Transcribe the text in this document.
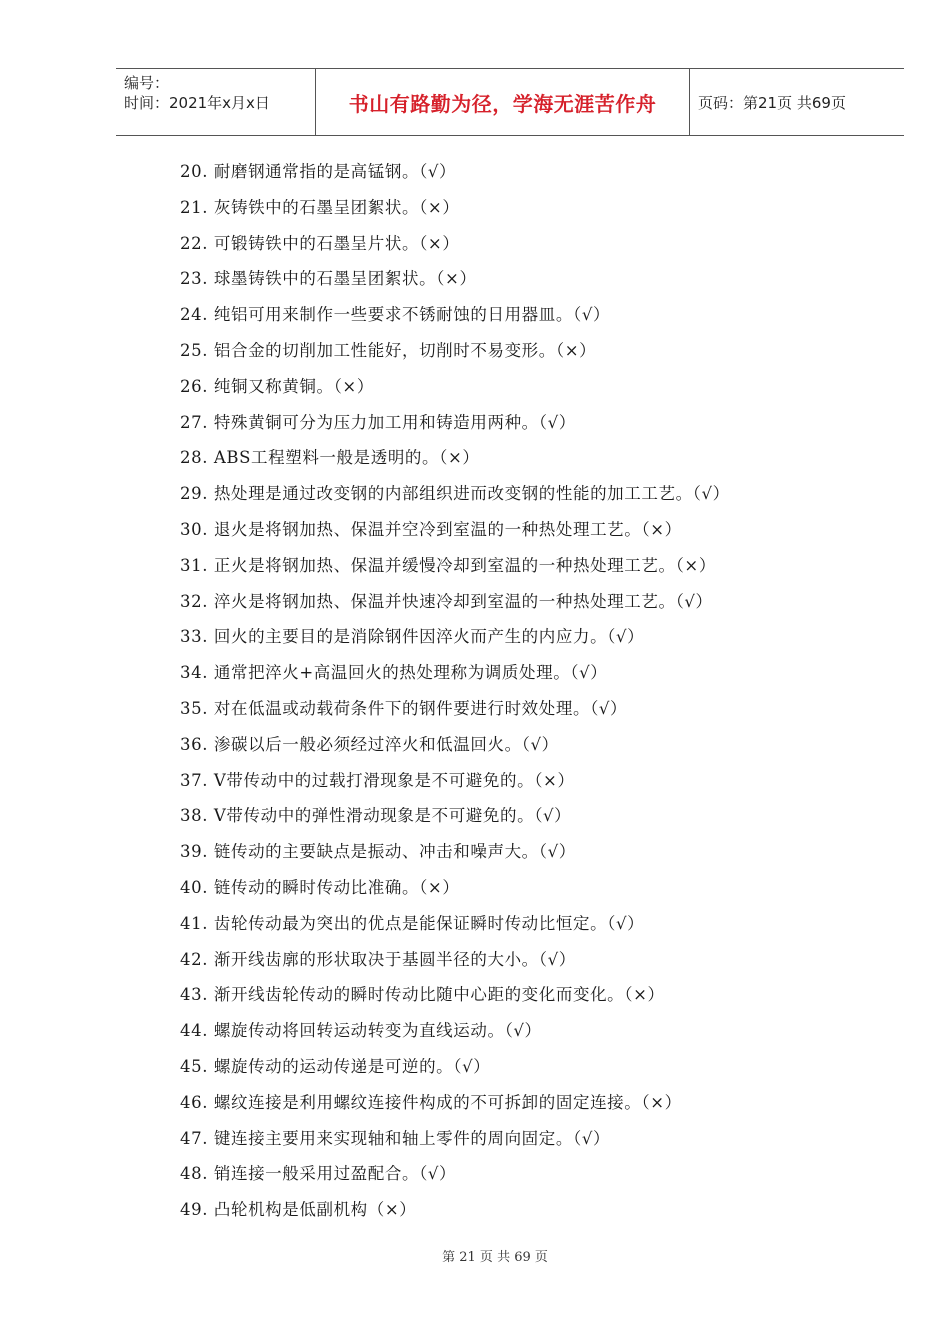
编号：
时间：2021年x月x日	书山有路勤为径，学海无涯苦作舟	页码：第21页 共69页
20. 耐磨钢通常指的是高锰钢。（√）
21. 灰铸铁中的石墨呈团絮状。（×）
22. 可锻铸铁中的石墨呈片状。（×）
23. 球墨铸铁中的石墨呈团絮状。（×）
24. 纯铝可用来制作一些要求不锈耐蚀的日用器皿。（√）
25. 铝合金的切削加工性能好，切削时不易变形。（×）
26. 纯铜又称黄铜。（×）
27. 特殊黄铜可分为压力加工用和铸造用两种。（√）
28. ABS工程塑料一般是透明的。（×）
29. 热处理是通过改变钢的内部组织进而改变钢的性能的加工工艺。（√）
30. 退火是将钢加热、保温并空冷到室温的一种热处理工艺。（×）
31. 正火是将钢加热、保温并缓慢冷却到室温的一种热处理工艺。（×）
32. 淬火是将钢加热、保温并快速冷却到室温的一种热处理工艺。（√）
33. 回火的主要目的是消除钢件因淬火而产生的内应力。（√）
34. 通常把淬火+高温回火的热处理称为调质处理。（√）
35. 对在低温或动载荷条件下的钢件要进行时效处理。（√）
36. 渗碳以后一般必须经过淬火和低温回火。（√）
37. V带传动中的过载打滑现象是不可避免的。（×）
38. V带传动中的弹性滑动现象是不可避免的。（√）
39. 链传动的主要缺点是振动、冲击和噪声大。（√）
40. 链传动的瞬时传动比准确。（×）
41. 齿轮传动最为突出的优点是能保证瞬时传动比恒定。（√）
42. 渐开线齿廓的形状取决于基圆半径的大小。（√）
43. 渐开线齿轮传动的瞬时传动比随中心距的变化而变化。（×）
44. 螺旋传动将回转运动转变为直线运动。（√）
45. 螺旋传动的运动传递是可逆的。（√）
46. 螺纹连接是利用螺纹连接件构成的不可拆卸的固定连接。（×）
47. 键连接主要用来实现轴和轴上零件的周向固定。（√）
48. 销连接一般采用过盈配合。（√）
49. 凸轮机构是低副机构（×）
第 21 页 共 69 页
